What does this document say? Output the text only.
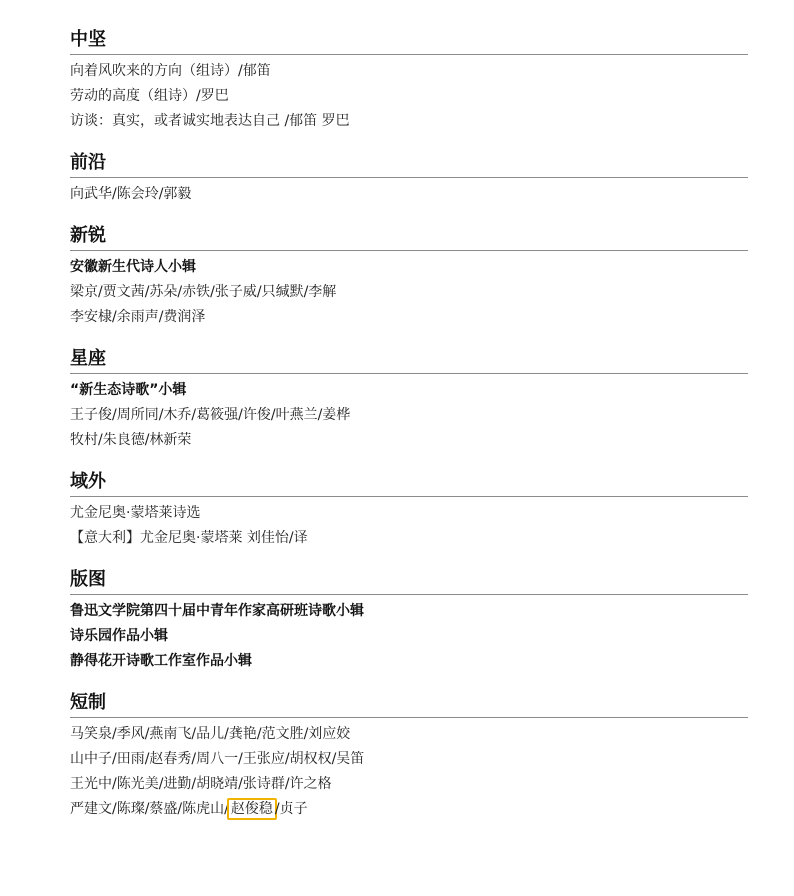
中坚
向着风吹来的方向（组诗）/郁笛
劳动的高度（组诗）/罗巴
访谈：真实，或者诚实地表达自己 /郁笛 罗巴
前沿
向武华/陈会玲/郭毅
新锐
安徽新生代诗人小辑
梁京/贾文茜/苏朵/赤铁/张子威/只缄默/李解
李安棣/余雨声/费润泽
星座
“新生态诗歌”小辑
王子俊/周所同/木乔/葛筱强/许俊/叶燕兰/姜桦
牧村/朱良德/林新荣
域外
尤金尼奥·蒙塔莱诗选
【意大利】尤金尼奥·蒙塔莱 刘佳怡/译
版图
鲁迅文学院第四十届中青年作家高研班诗歌小辑
诗乐园作品小辑
静得花开诗歌工作室作品小辑
短制
马笑泉/季风/燕南飞/品儿/龚艳/范文胜/刘应姣
山中子/田雨/赵春秀/周八一/王张应/胡权权/吴笛
王光中/陈光美/进勤/胡晓靖/张诗群/许之格
严建文/陈璨/蔡盛/陈虎山/ 赵俊稳 /贞子
